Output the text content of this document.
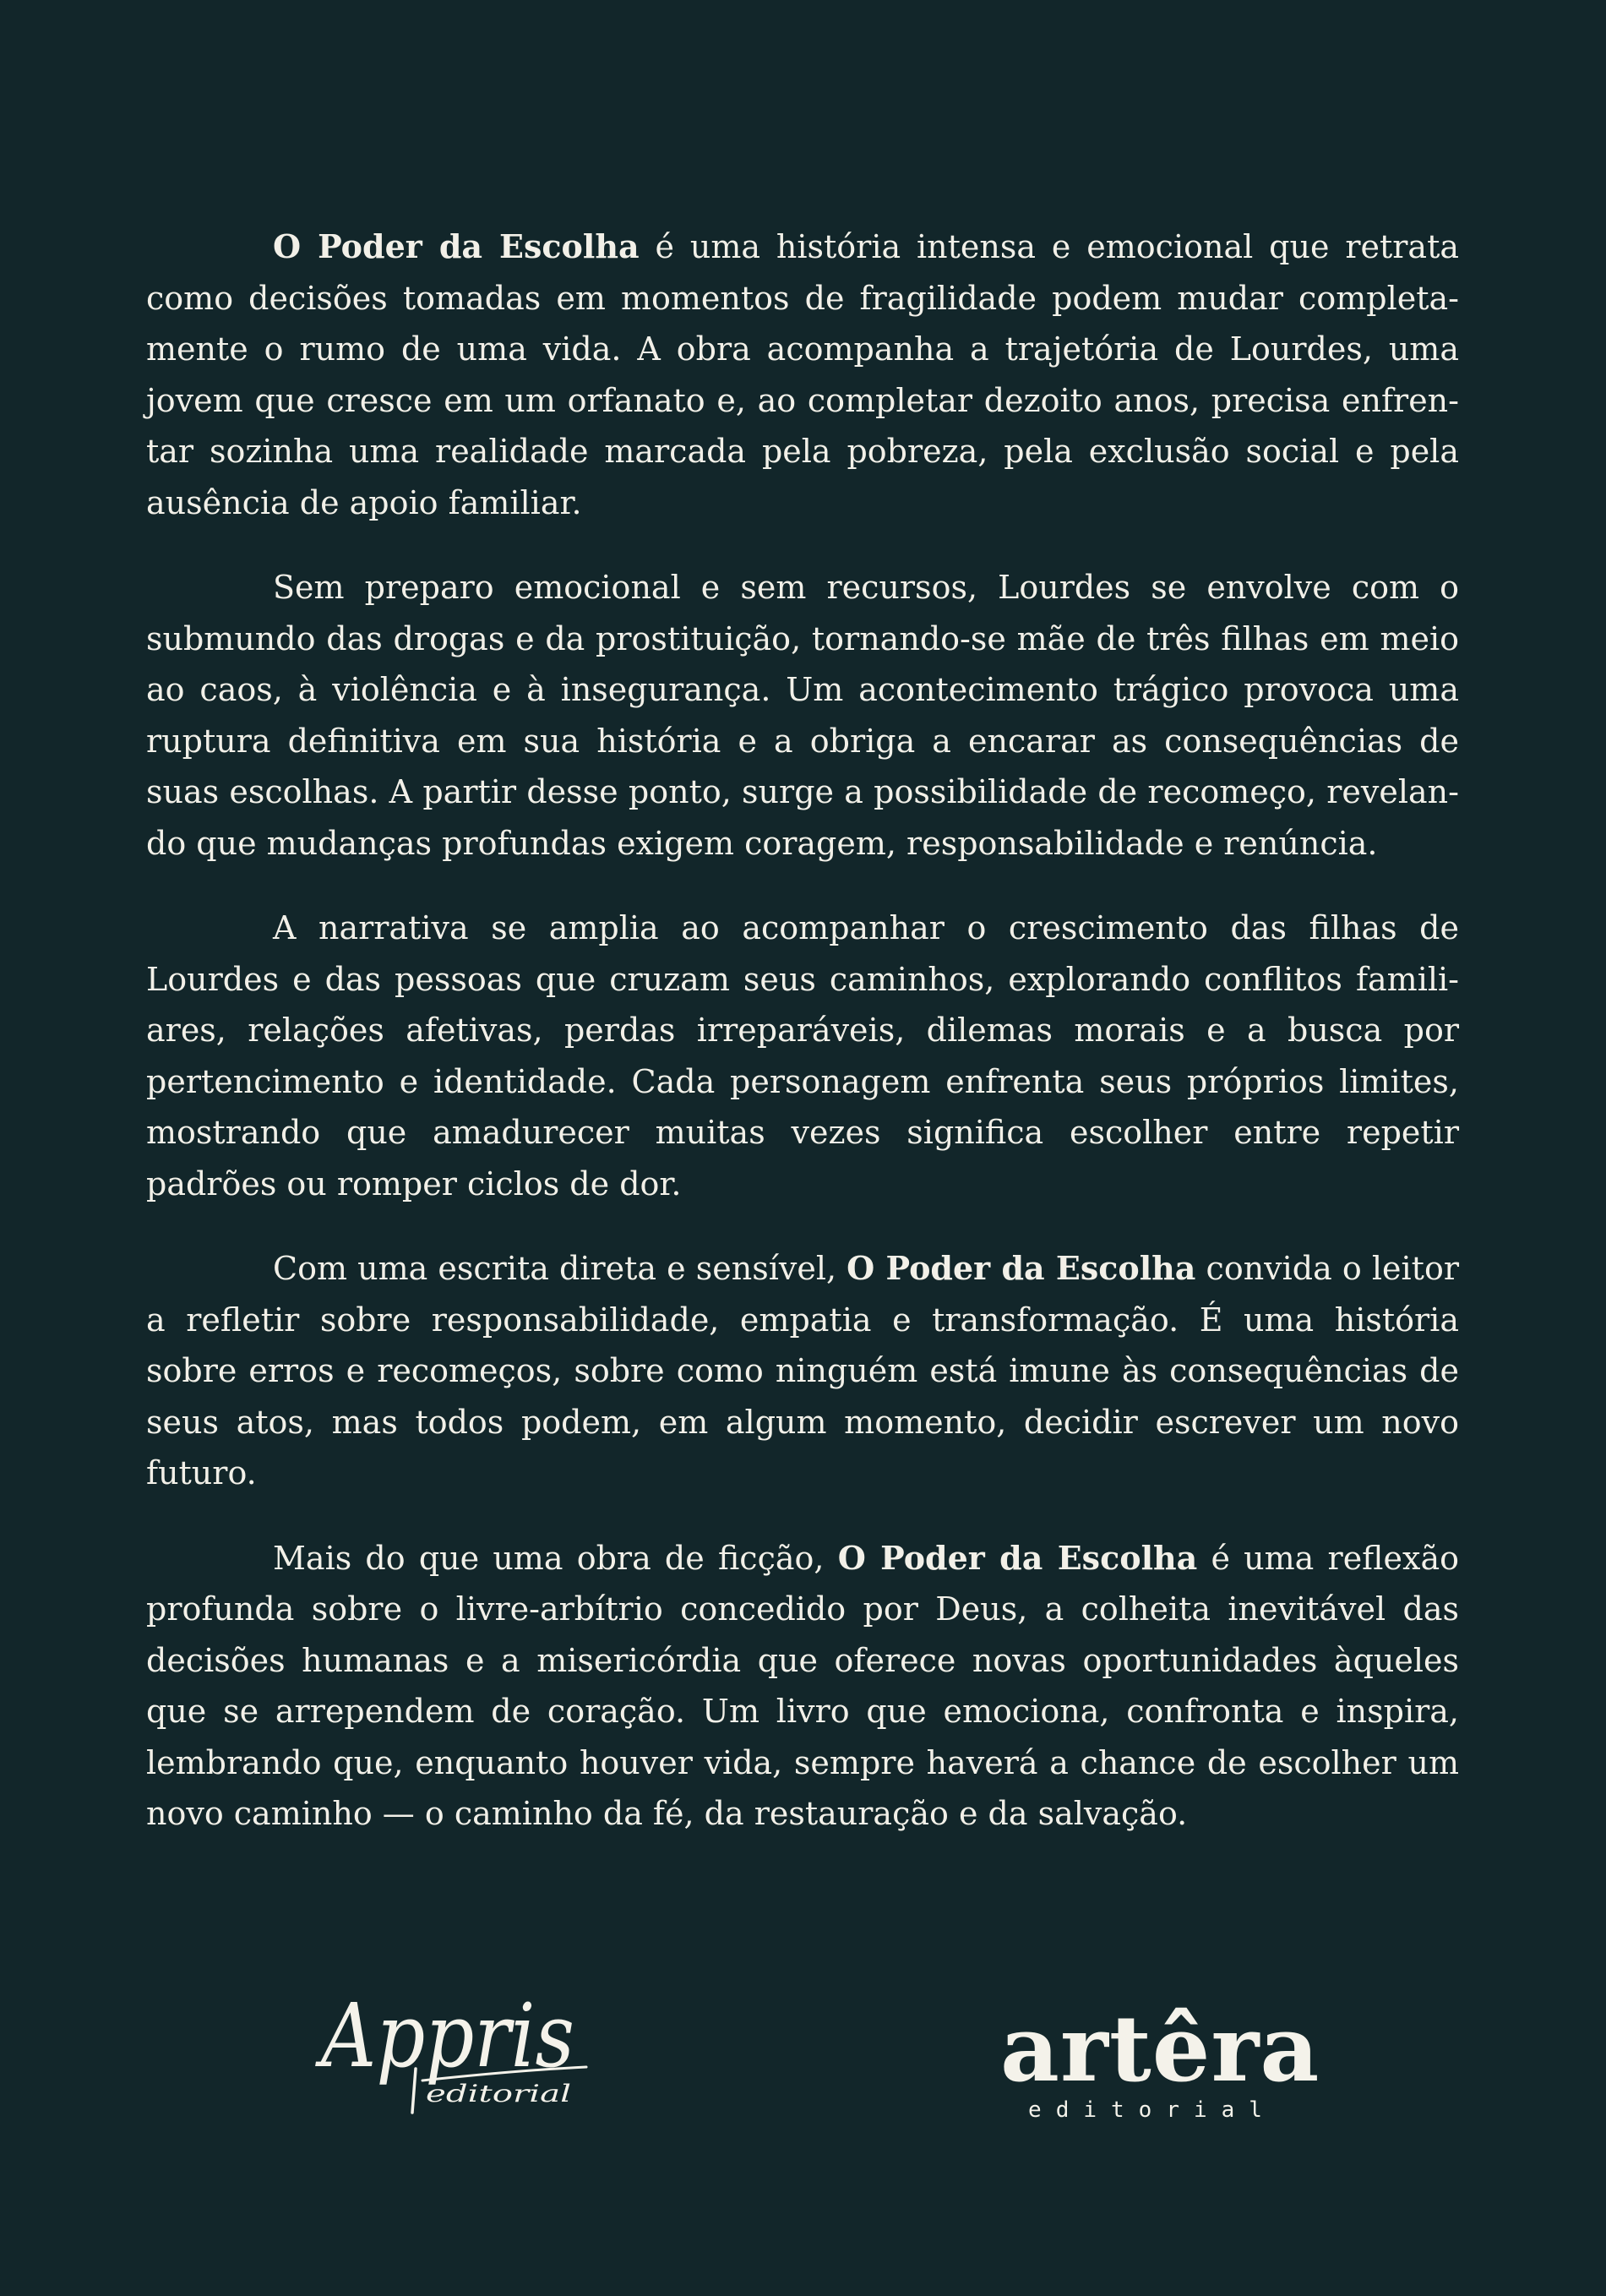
O Poder da Escolha é uma história intensa e emocional que retrata como decisões tomadas em momentos de fragilidade podem mudar completamente o rumo de uma vida. A obra acompanha a trajetória de Lourdes, uma jovem que cresce em um orfanato e, ao completar dezoito anos, precisa enfrentar sozinha uma realidade marcada pela pobreza, pela exclusão social e pela ausência de apoio familiar.

Sem preparo emocional e sem recursos, Lourdes se envolve com o submundo das drogas e da prostituição, tornando-se mãe de três filhas em meio ao caos, à violência e à insegurança. Um acontecimento trágico provoca uma ruptura definitiva em sua história e a obriga a encarar as consequências de suas escolhas. A partir desse ponto, surge a possibilidade de recomeço, revelando que mudanças profundas exigem coragem, responsabilidade e renúncia.

A narrativa se amplia ao acompanhar o crescimento das filhas de Lourdes e das pessoas que cruzam seus caminhos, explorando conflitos familiares, relações afetivas, perdas irreparáveis, dilemas morais e a busca por pertencimento e identidade. Cada personagem enfrenta seus próprios limites, mostrando que amadurecer muitas vezes significa escolher entre repetir padrões ou romper ciclos de dor.

Com uma escrita direta e sensível, O Poder da Escolha convida o leitor a refletir sobre responsabilidade, empatia e transformação. É uma história sobre erros e recomeços, sobre como ninguém está imune às consequências de seus atos, mas todos podem, em algum momento, decidir escrever um novo futuro.

Mais do que uma obra de ficção, O Poder da Escolha é uma reflexão profunda sobre o livre-arbítrio concedido por Deus, a colheita inevitável das decisões humanas e a misericórdia que oferece novas oportunidades àqueles que se arrependem de coração. Um livro que emociona, confronta e inspira, lembrando que, enquanto houver vida, sempre haverá a chance de escolher um novo caminho — o caminho da fé, da restauração e da salvação.

Appris
editorial	artêra
editorial
